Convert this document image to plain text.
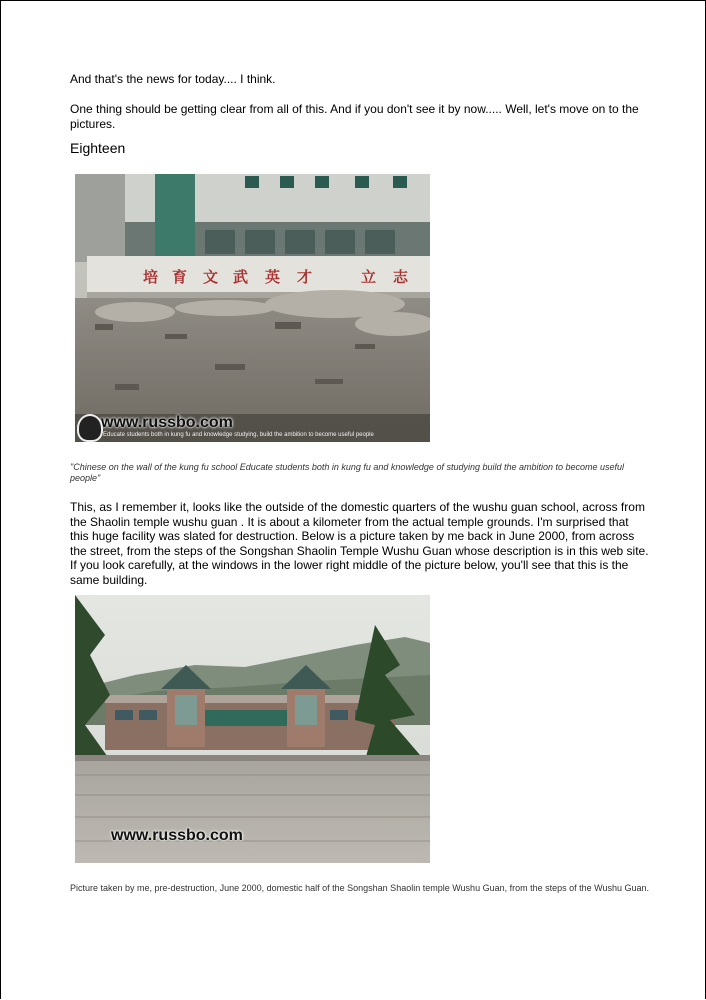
And that's the news for today.... I think.

One thing should be getting clear from all of this. And if you don't see it by now..... Well, let's move on to the pictures.

Eighteen
培 育 文 武 英 才	立 志
www.russbo.com
Educate students both in kung fu and knowledge studying, build the ambition to become useful people

"Chinese on the wall of the kung fu school Educate students both in kung fu and knowledge of studying build the ambition to become useful people"

This, as I remember it, looks like the outside of the domestic quarters of the wushu guan school, across from the Shaolin temple wushu guan . It is about a kilometer from the actual temple grounds. I'm surprised that this huge facility was slated for destruction. Below is a picture taken by me back in June 2000, from across the street, from the steps of the Songshan Shaolin Temple Wushu Guan whose description is in this web site. If you look carefully, at the windows in the lower right middle of the picture below, you'll see that this is the same building.

www.russbo.com

Picture taken by me, pre-destruction, June 2000, domestic half of the Songshan Shaolin temple Wushu Guan, from the steps of the Wushu Guan.
